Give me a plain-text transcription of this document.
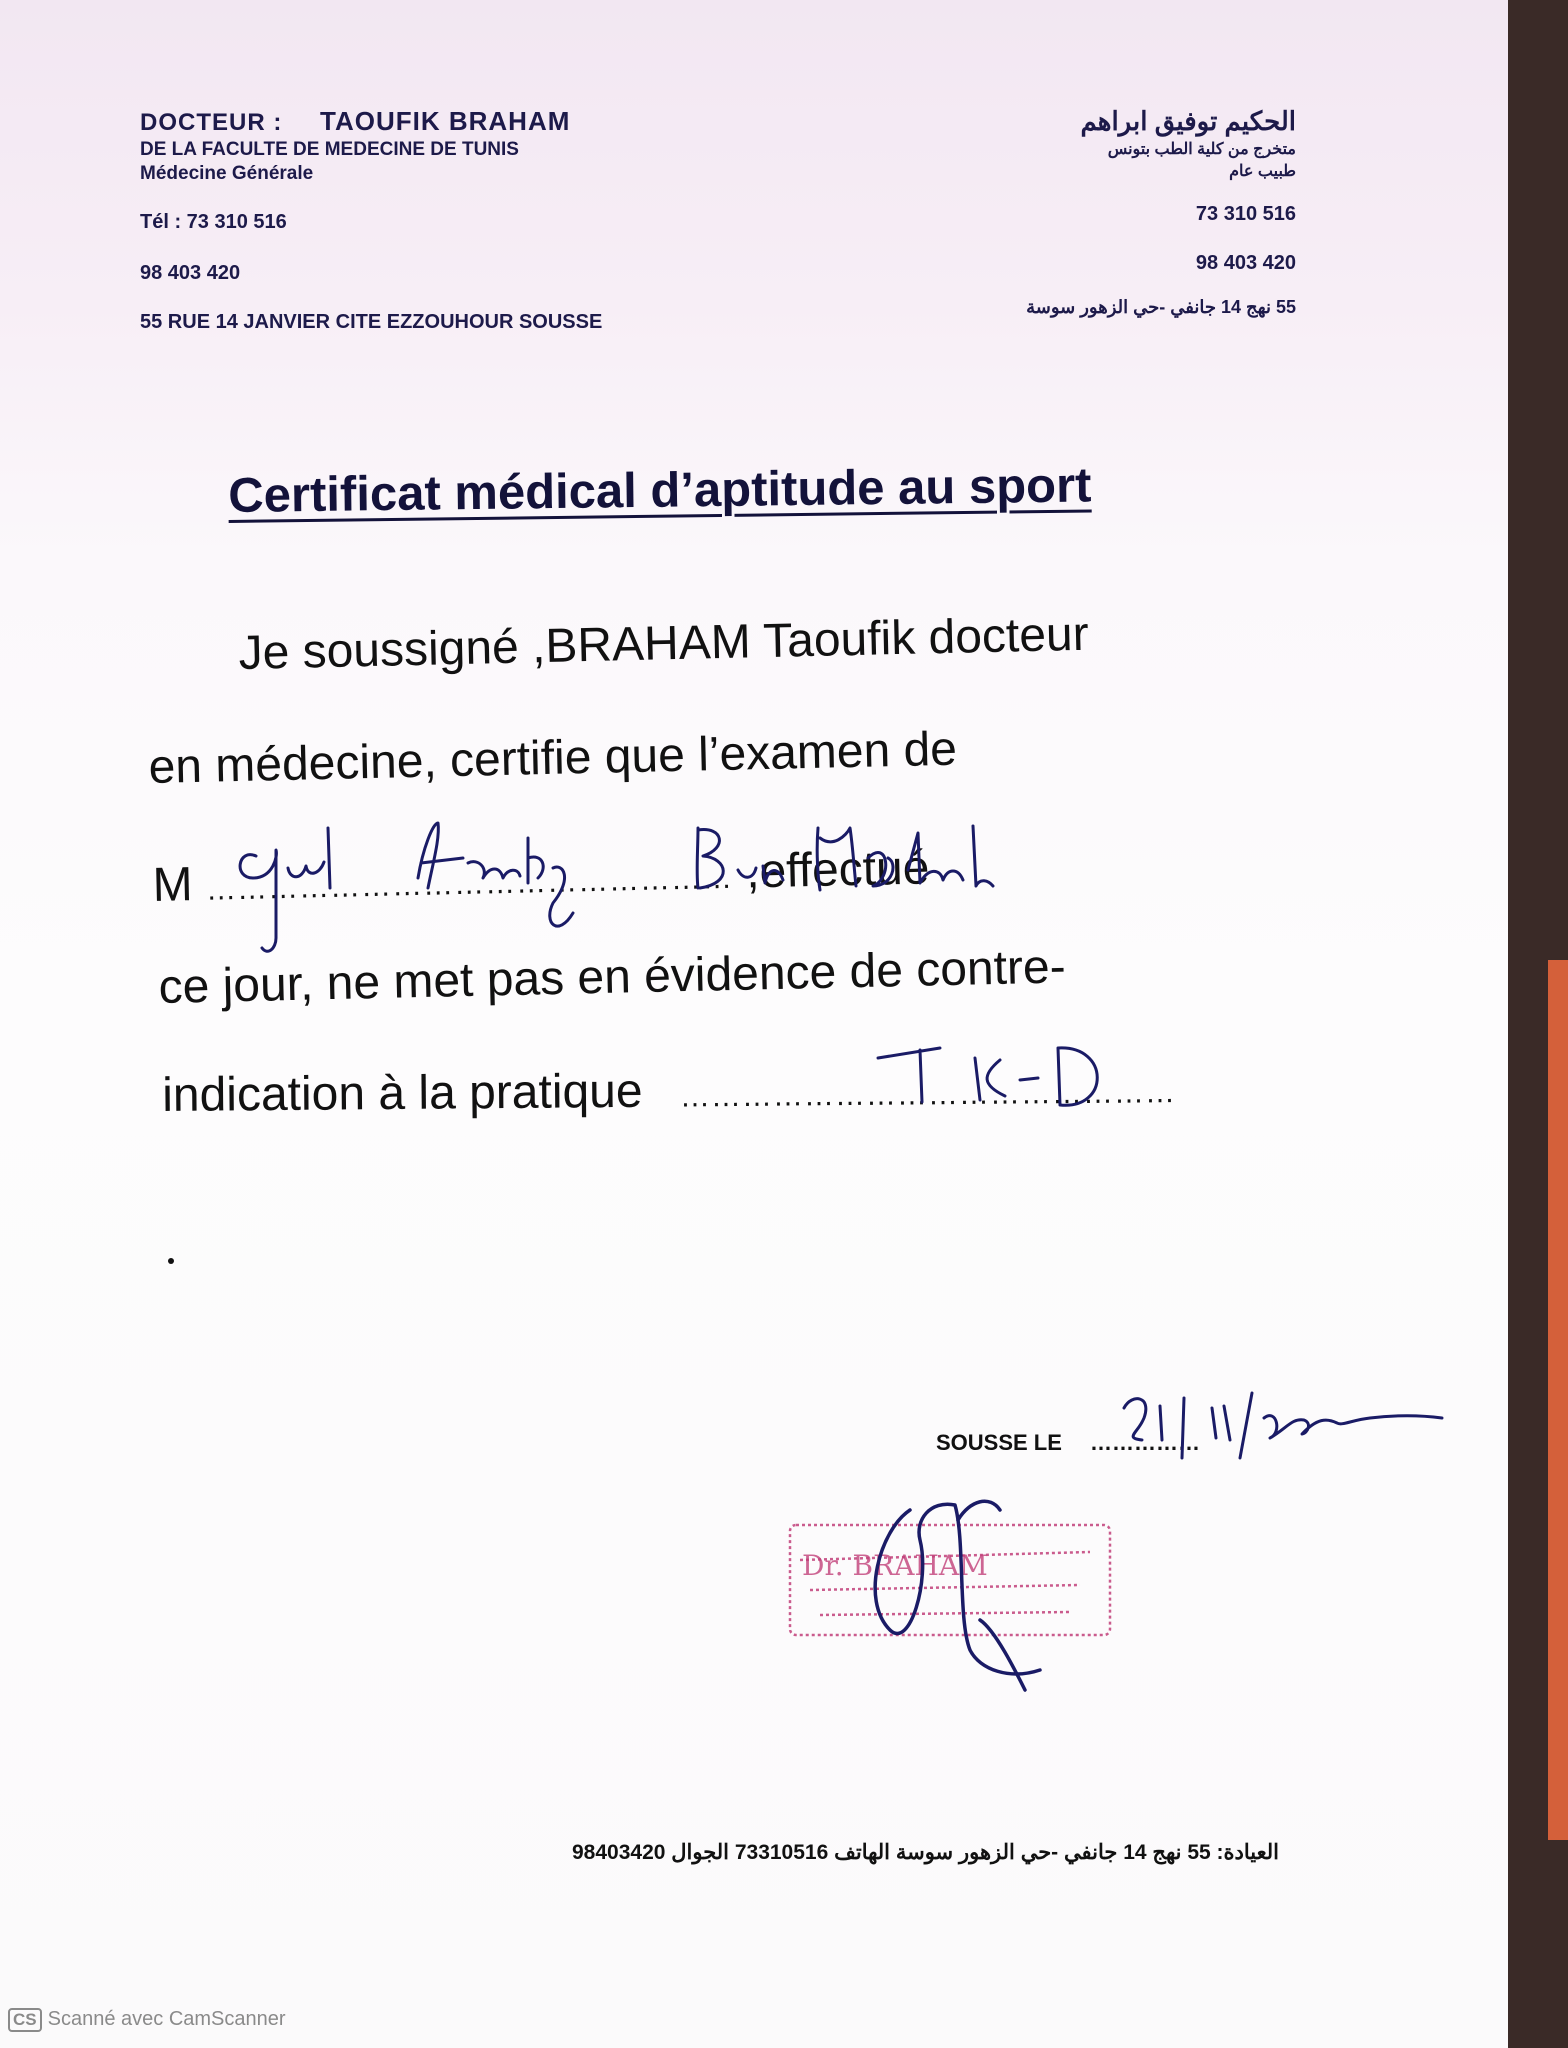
DOCTEUR : TAOUFIK BRAHAM
DE LA FACULTE DE MEDECINE DE TUNIS
Médecine Générale
Tél : 73 310 516
98 403 420
55 RUE 14 JANVIER CITE EZZOUHOUR SOUSSE
الحكيم توفيق ابراهم
متخرج من كلية الطب بتونس
طبيب عام
73 310 516
98 403 420
55 نهج 14 جانفي -حي الزهور سوسة
Certificat médical d’aptitude au sport
Je soussigné ,BRAHAM Taoufik docteur
en médecine, certifie que l’examen de
M …………………………………………… ,effectué
ce jour, ne met pas en évidence de contre-
indication à la pratique …………………………………………
SOUSSE LE ……………
Dr. BRAHAM
العيادة: 55 نهج 14 جانفي -حي الزهور سوسة الهاتف 73310516 الجوال 98403420
CS Scanné avec CamScanner
